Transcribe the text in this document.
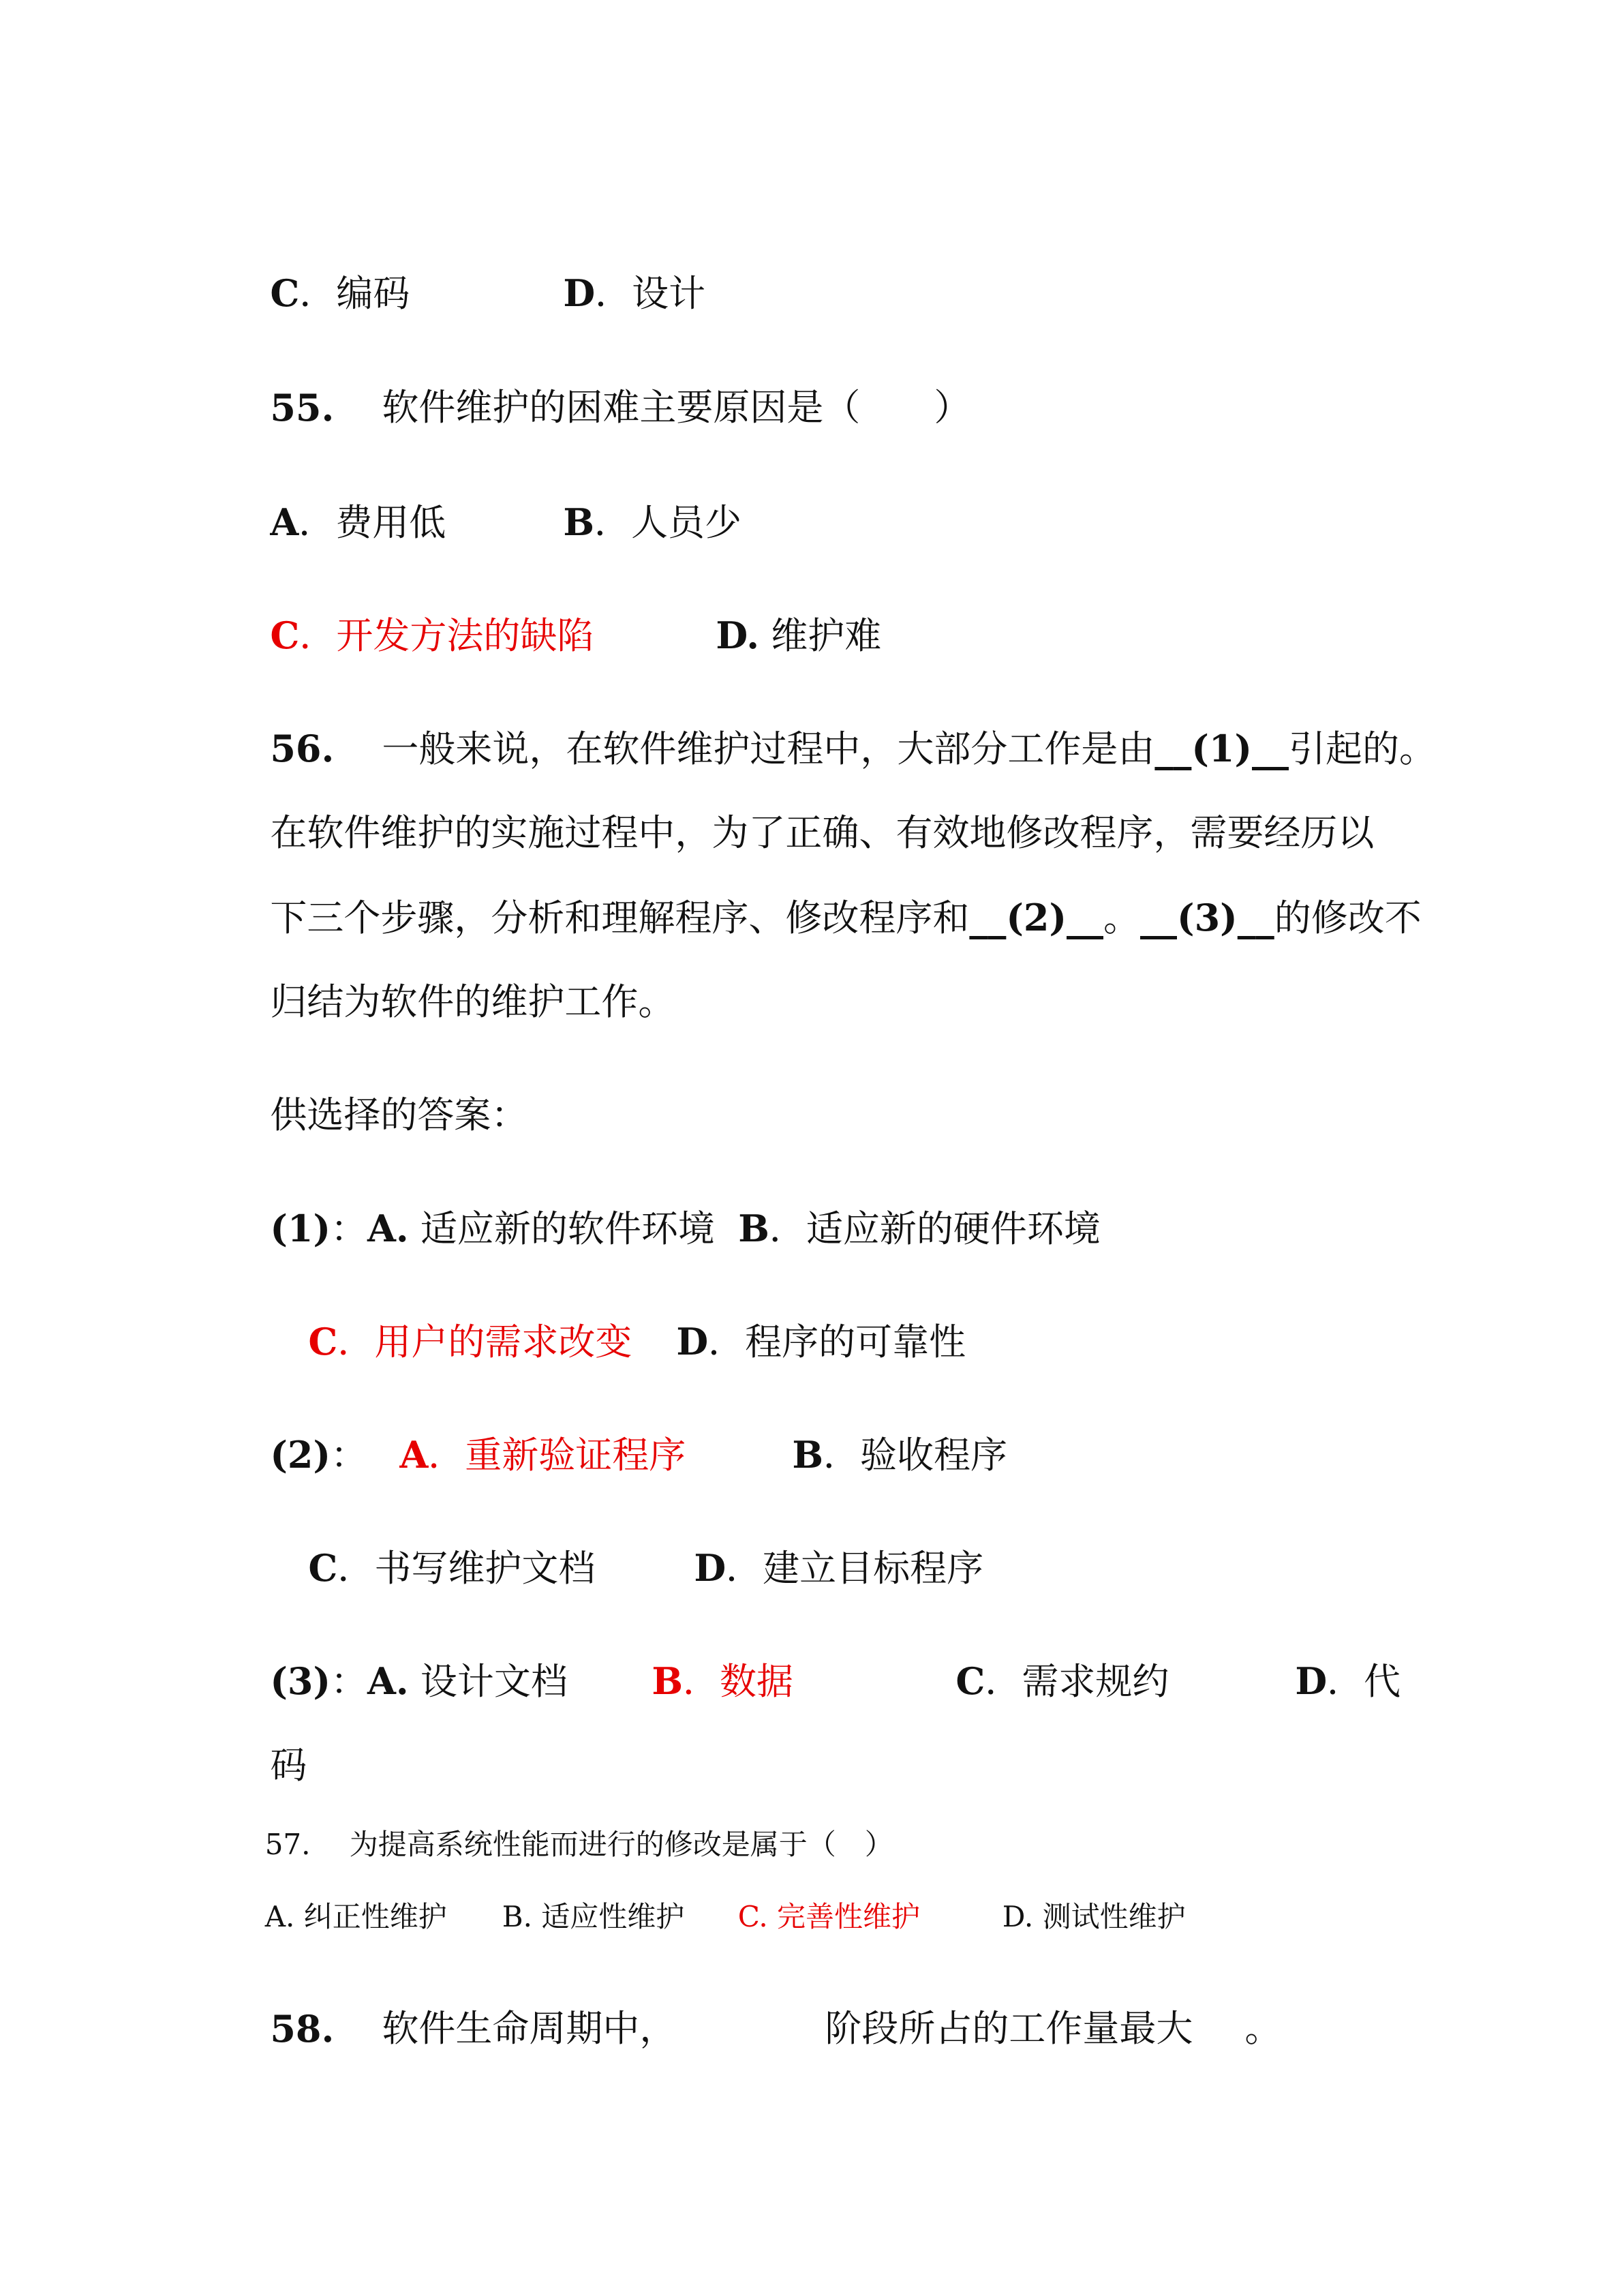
C．编码	D．设计

55.	软件维护的困难主要原因是（　　）

A．费用低	B．人员少

C．开发方法的缺陷	D. 维护难

56.	一般来说，在软件维护过程中，大部分工作是由__(1)__引起的。

在软件维护的实施过程中，为了正确、有效地修改程序，需要经历以

下三个步骤，分析和理解程序、修改程序和__(2)__。__(3)__的修改不

归结为软件的维护工作。

供选择的答案：

(1)：A. 适应新的软件环境 B．适应新的硬件环境

C．用户的需求改变	D．程序的可靠性

(2)： A．重新验证程序	B．验收程序

C．书写维护文档	D．建立目标程序

(3)：A. 设计文档	B．数据	C．需求规约	D．代

码

57.	为提高系统性能而进行的修改是属于（　）

A. 纠正性维护	B. 适应性维护	C. 完善性维护	D. 测试性维护

58.	软件生命周期中，	阶段所占的工作量最大	。
